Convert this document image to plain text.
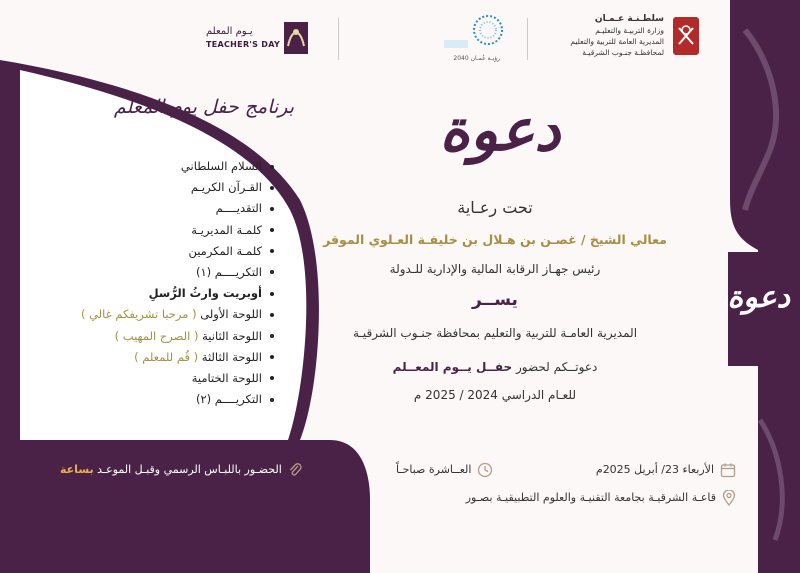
سلطـنـة عـمـان
وزارة التربيـة والتعليـم
المديرية العامة للتربية والتعليم
لمحافظـة جنـوب الشرقيـة
رؤيـة عُمـان 2040
يـوم المعلم
TEACHER'S DAY
برنامج حفل يوم المعلم
السلام السلطاني
القـرآن الكريـم
التقديــــم
كلمـة المديريـة
كلمـة المكرمين
التكريــــم (١)
أوبريت وارثُ الرُّسلِ
اللوحة الأولى ( مرحبا تشريفكم غالي )
اللوحة الثانية ( الصرح المهيب )
اللوحة الثالثة ( قُم للمعلم )
اللوحة الختامية
التكريــــم (٢)
دعوة
تحت رعـاية
معالي الشيخ / غصـن بن هـلال بن خليفـة العـلوي الموقر
رئيس جهـاز الرقابة المالية والإدارية للـدولة
يســر
المديرية العامـة للتربية والتعليم بمحافظة جنـوب الشرقيـة
دعوتــكم لحضور حفــل يــوم المعــلم
للعـام الدراسي 2024 / 2025 م
دعوة
الأربعاء 23/ أبريل 2025م
العــاشرة صباحـاً
قاعـة الشرقيـة بجامعة التقنيـة والعلوم التطبيقيـة بصـور
الحضـور باللبـاس الرسمي وقبـل الموعـد بساعة
